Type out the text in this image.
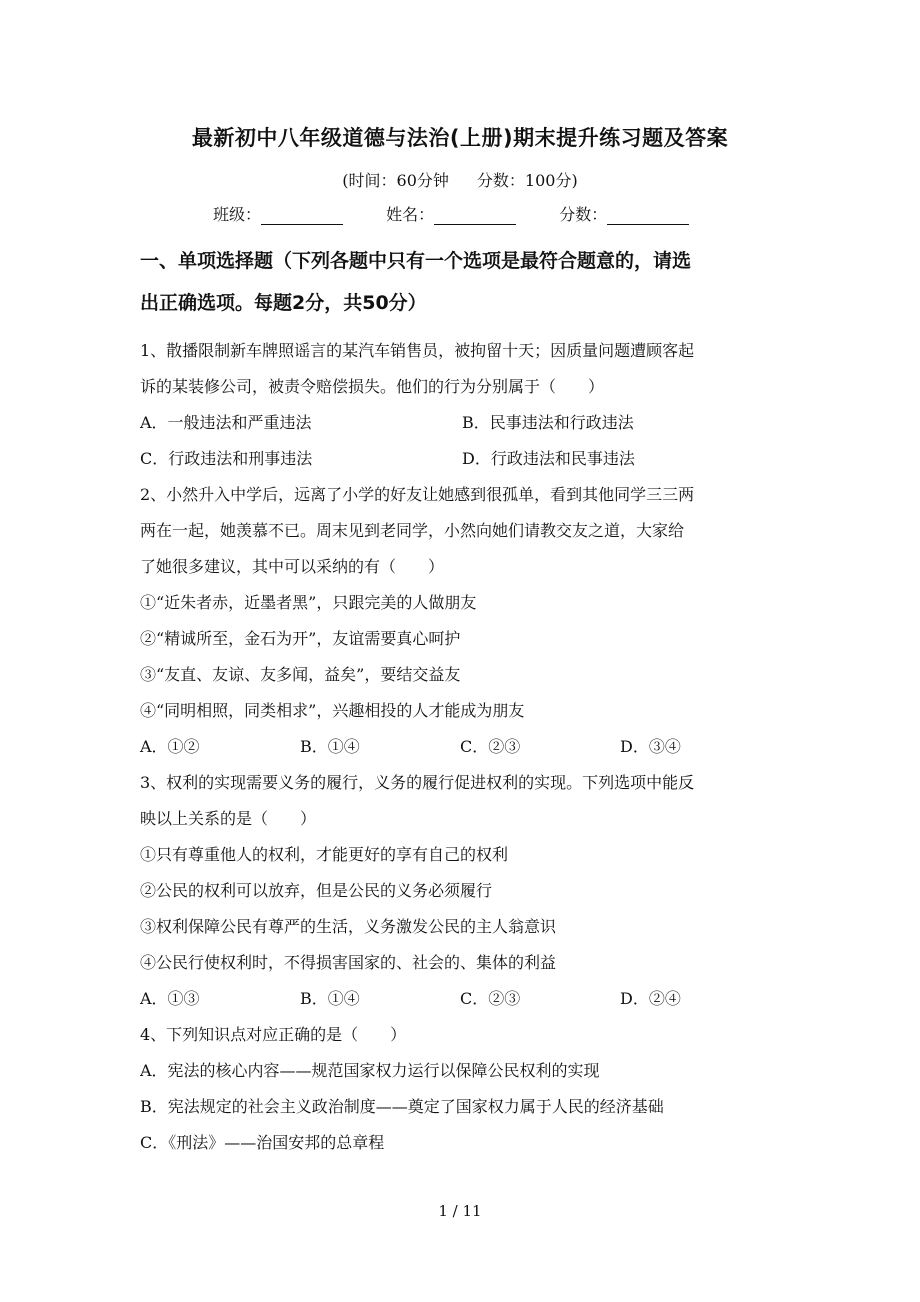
最新初中八年级道德与法治(上册)期末提升练习题及答案
(时间：60分钟 分数：100分)
班级：	姓名：	分数：
一、单项选择题（下列各题中只有一个选项是最符合题意的，请选
出正确选项。每题2分，共50分）
1、散播限制新车牌照谣言的某汽车销售员，被拘留十天；因质量问题遭顾客起
诉的某装修公司，被责令赔偿损失。他们的行为分别属于（　　）
A．一般违法和严重违法	B．民事违法和行政违法
C．行政违法和刑事违法	D．行政违法和民事违法
2、小然升入中学后，远离了小学的好友让她感到很孤单，看到其他同学三三两
两在一起，她羡慕不已。周末见到老同学，小然向她们请教交友之道，大家给
了她很多建议，其中可以采纳的有（　　）
①“近朱者赤，近墨者黑”，只跟完美的人做朋友
②“精诚所至，金石为开”，友谊需要真心呵护
③“友直、友谅、友多闻，益矣”，要结交益友
④“同明相照，同类相求”，兴趣相投的人才能成为朋友
A．①②	B．①④	C．②③	D．③④
3、权利的实现需要义务的履行，义务的履行促进权利的实现。下列选项中能反
映以上关系的是（　　）
①只有尊重他人的权利，才能更好的享有自己的权利
②公民的权利可以放弃，但是公民的义务必须履行
③权利保障公民有尊严的生活，义务激发公民的主人翁意识
④公民行使权利时，不得损害国家的、社会的、集体的利益
A．①③	B．①④	C．②③	D．②④
4、下列知识点对应正确的是（　　）
A．宪法的核心内容——规范国家权力运行以保障公民权利的实现
B．宪法规定的社会主义政治制度——奠定了国家权力属于人民的经济基础
C．《刑法》——治国安邦的总章程
1 / 11
